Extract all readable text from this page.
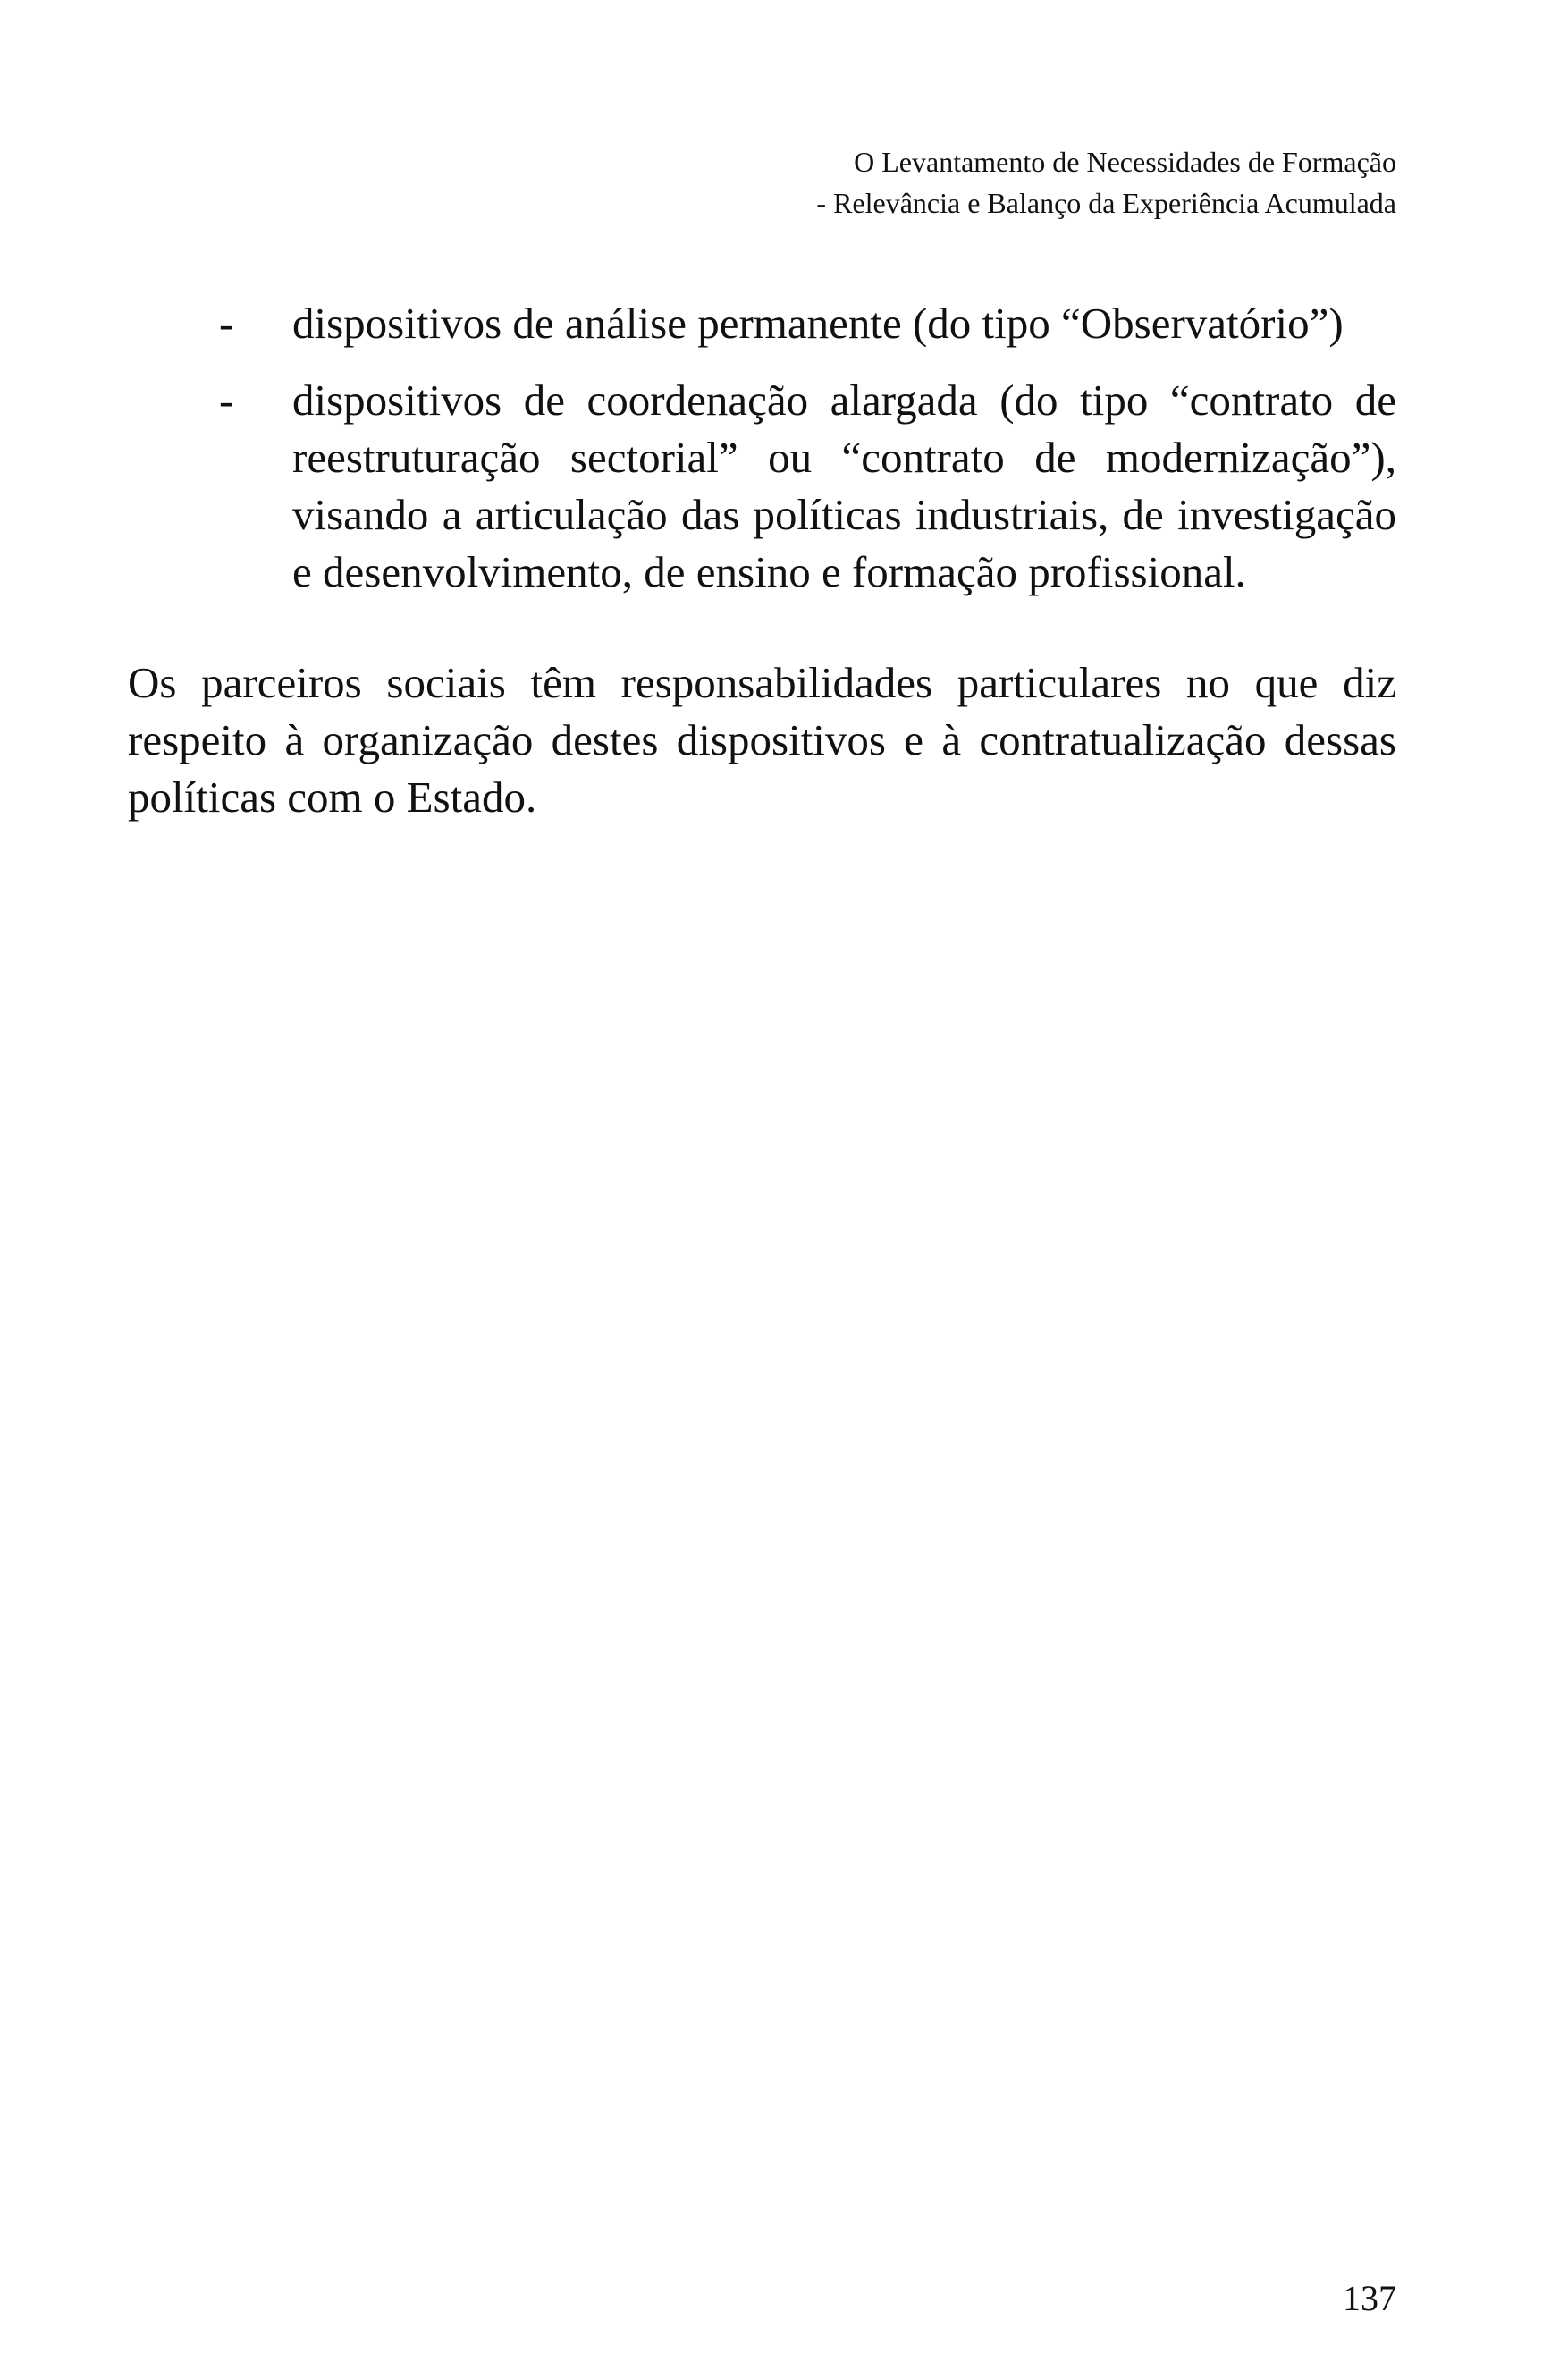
O Levantamento de Necessidades de Formação
- Relevância e Balanço da Experiência Acumulada
- dispositivos de análise permanente (do tipo “Observatório”)
- dispositivos de coordenação alargada (do tipo “contrato de reestruturação sectorial” ou “contrato de modernização”), visando a articulação das políticas industriais, de investigação e desenvolvimento, de ensino e formação profissional.

Os parceiros sociais têm responsabilidades particulares no que diz respeito à organização destes dispositivos e à contratualização dessas políticas com o Estado.

137
